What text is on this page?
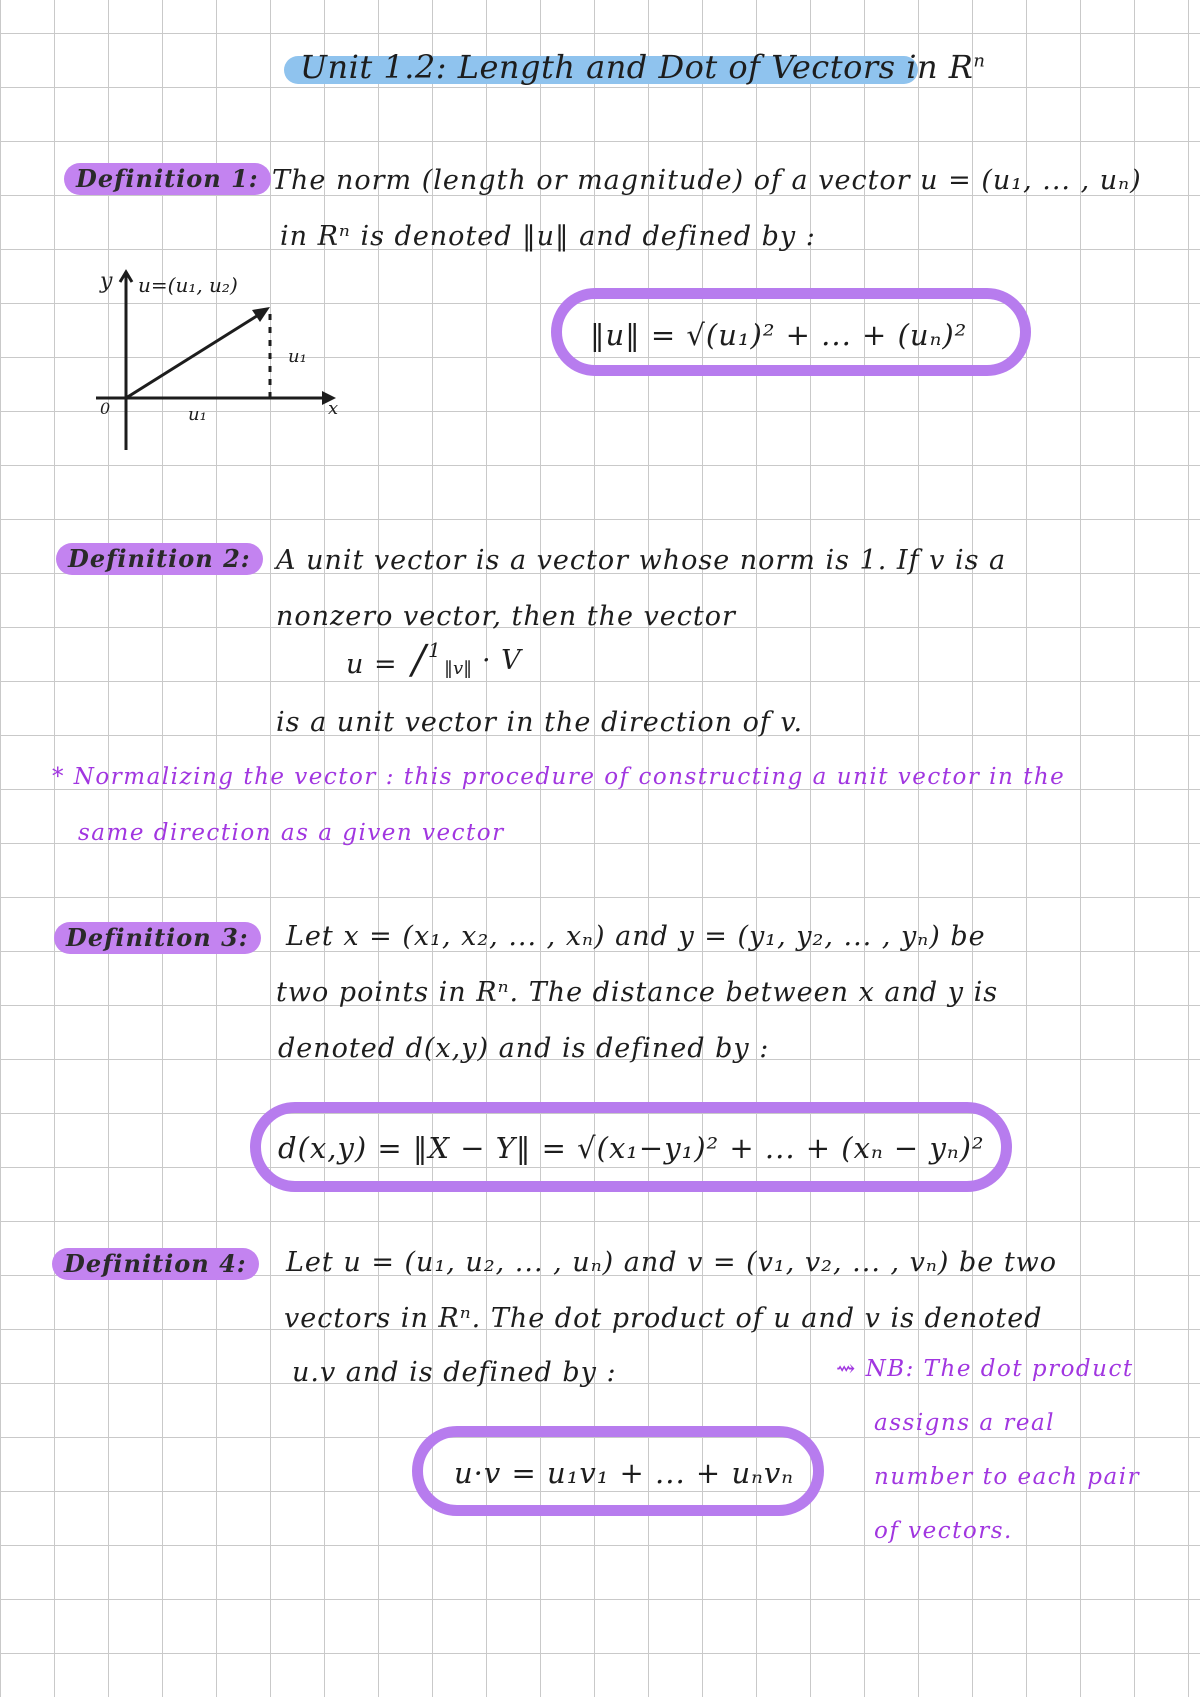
Unit 1.2: Length and Dot of Vectors in $R^n$
Definition 1: The norm (length or magnitude) of a vector u = (u₁, ... , uₙ)
in Rⁿ is denoted ‖u‖ and defined by :
u=(u₁, u₂)
y
x
0	u₁
u₁
‖u‖ = √(u₁)² + ... + (uₙ)²
Definition 2: A unit vector is a vector whose norm is 1. If v is a
nonzero vector, then the vector
u = ∕ 1
‖v‖ · V
is a unit vector in the direction of v.
* Normalizing the vector : this procedure of constructing a unit vector in the
same direction as a given vector
Definition 3:	Let x = (x₁, x₂, ... , xₙ) and y = (y₁, y₂, ... , yₙ) be
two points in Rⁿ. The distance between x and y is
denoted d(x,y) and is defined by :
d(x,y) = ‖X − Y‖ = √(x₁−y₁)² + ... + (xₙ − yₙ)²
Definition 4:	Let u = (u₁, u₂, ... , uₙ) and v = (v₁, v₂, ... , vₙ) be two
vectors in Rⁿ. The dot product of u and v is denoted
u.v and is defined by :
u·v = u₁v₁ + ... + uₙvₙ
⇝ NB: The dot product
assigns a real
number to each pair
of vectors.
